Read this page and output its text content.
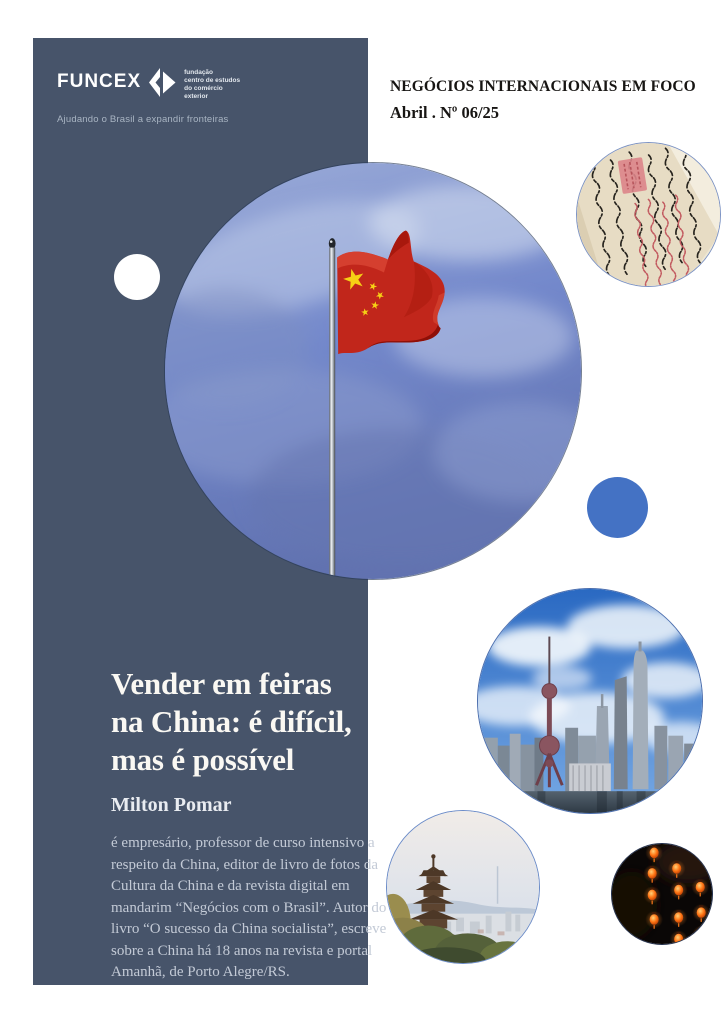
FUNCEX	fundação
centro de estudos
do comércio
exterior
Ajudando o Brasil a expandir fronteiras
Vender em feiras
na China: é difícil,
mas é possível
Milton Pomar
é empresário, professor de curso intensivo a respeito da China, editor de livro de fotos da Cultura da China e da revista digital em mandarim “Negócios com o Brasil”. Autor do livro “O sucesso da China socialista”, escreve sobre a China há 18 anos na revista e portal Amanhã, de Porto Alegre/RS.
NEGÓCIOS INTERNACIONAIS EM FOCO
Abril . Nº 06/25
